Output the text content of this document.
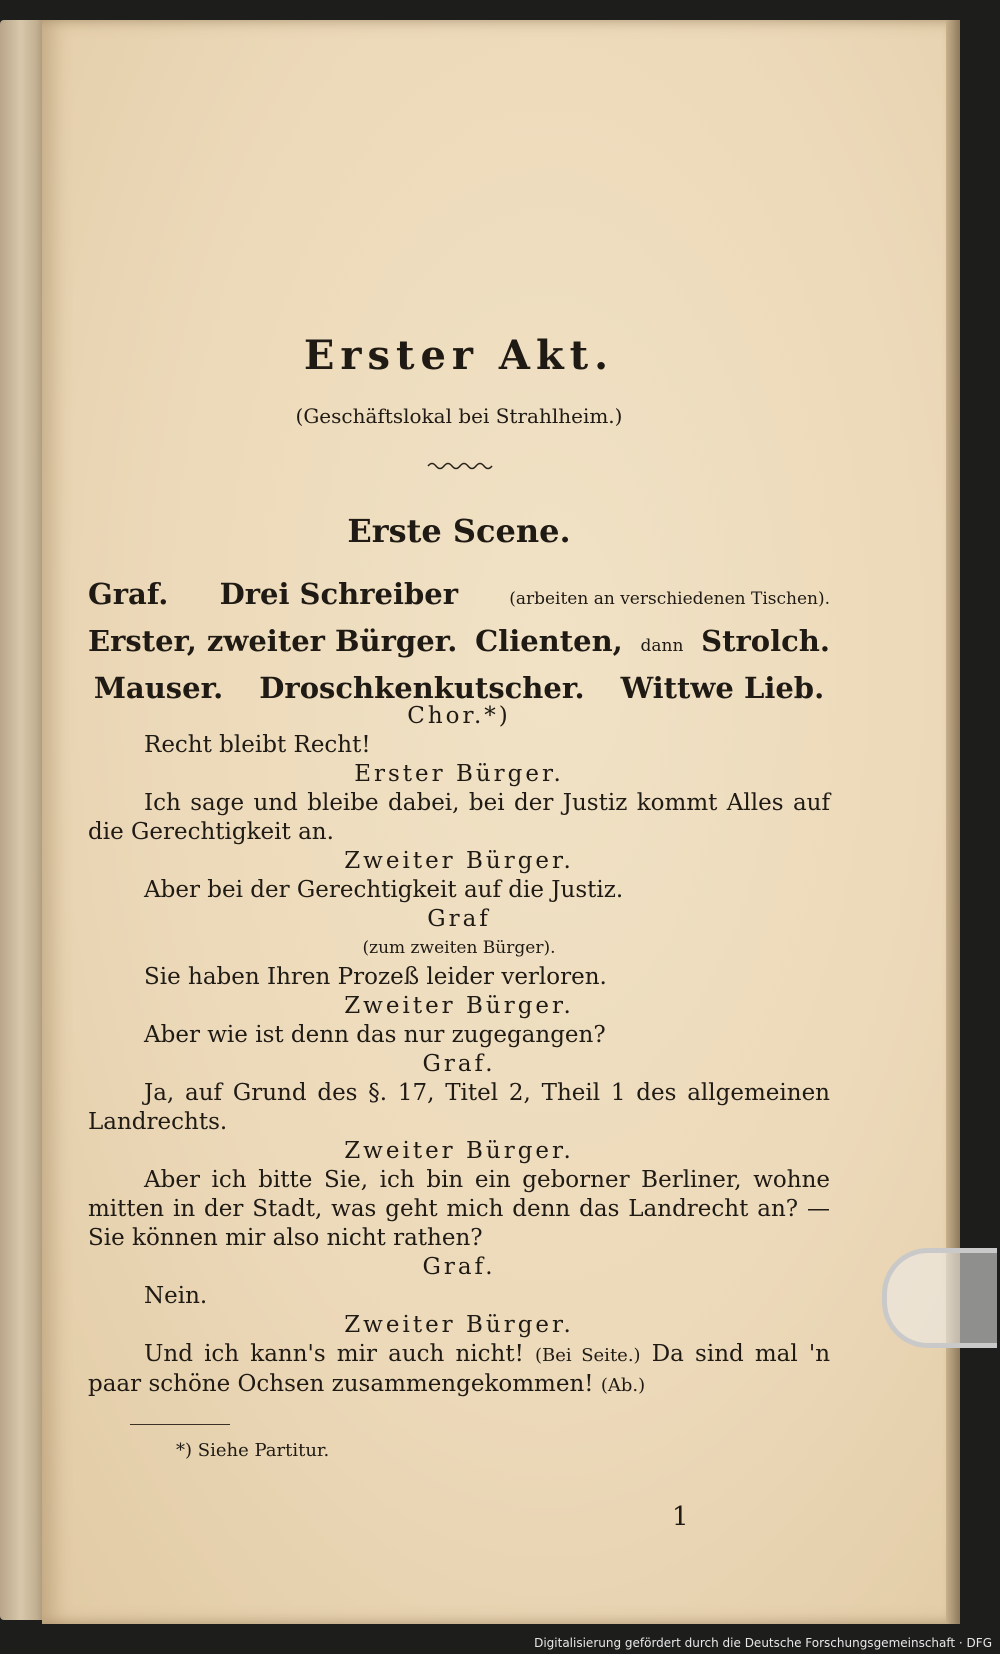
Erster Akt.
(Geschäftslokal bei Strahlheim.)
Erste Scene.
Graf. Drei Schreiber	(arbeiten an verschiedenen Tischen).
Erster, zweiter Bürger. Clienten, dann Strolch.
Mauser. Droschkenkutscher. Wittwe Lieb.
Chor.*)
Recht bleibt Recht!
Erster Bürger.
Ich sage und bleibe dabei, bei der Justiz kommt Alles auf die Gerechtigkeit an.
Zweiter Bürger.
Aber bei der Gerechtigkeit auf die Justiz.
Graf
(zum zweiten Bürger).
Sie haben Ihren Prozeß leider verloren.
Zweiter Bürger.
Aber wie ist denn das nur zugegangen?
Graf.
Ja, auf Grund des §. 17, Titel 2, Theil 1 des allgemeinen Landrechts.
Zweiter Bürger.
Aber ich bitte Sie, ich bin ein geborner Berliner, wohne mitten in der Stadt, was geht mich denn das Landrecht an? — Sie können mir also nicht rathen?
Graf.
Nein.
Zweiter Bürger.
Und ich kann's mir auch nicht! (Bei Seite.) Da sind mal 'n paar schöne Ochsen zusammengekommen! (Ab.)
*) Siehe Partitur.
1
Digitalisierung gefördert durch die Deutsche Forschungsgemeinschaft · DFG
